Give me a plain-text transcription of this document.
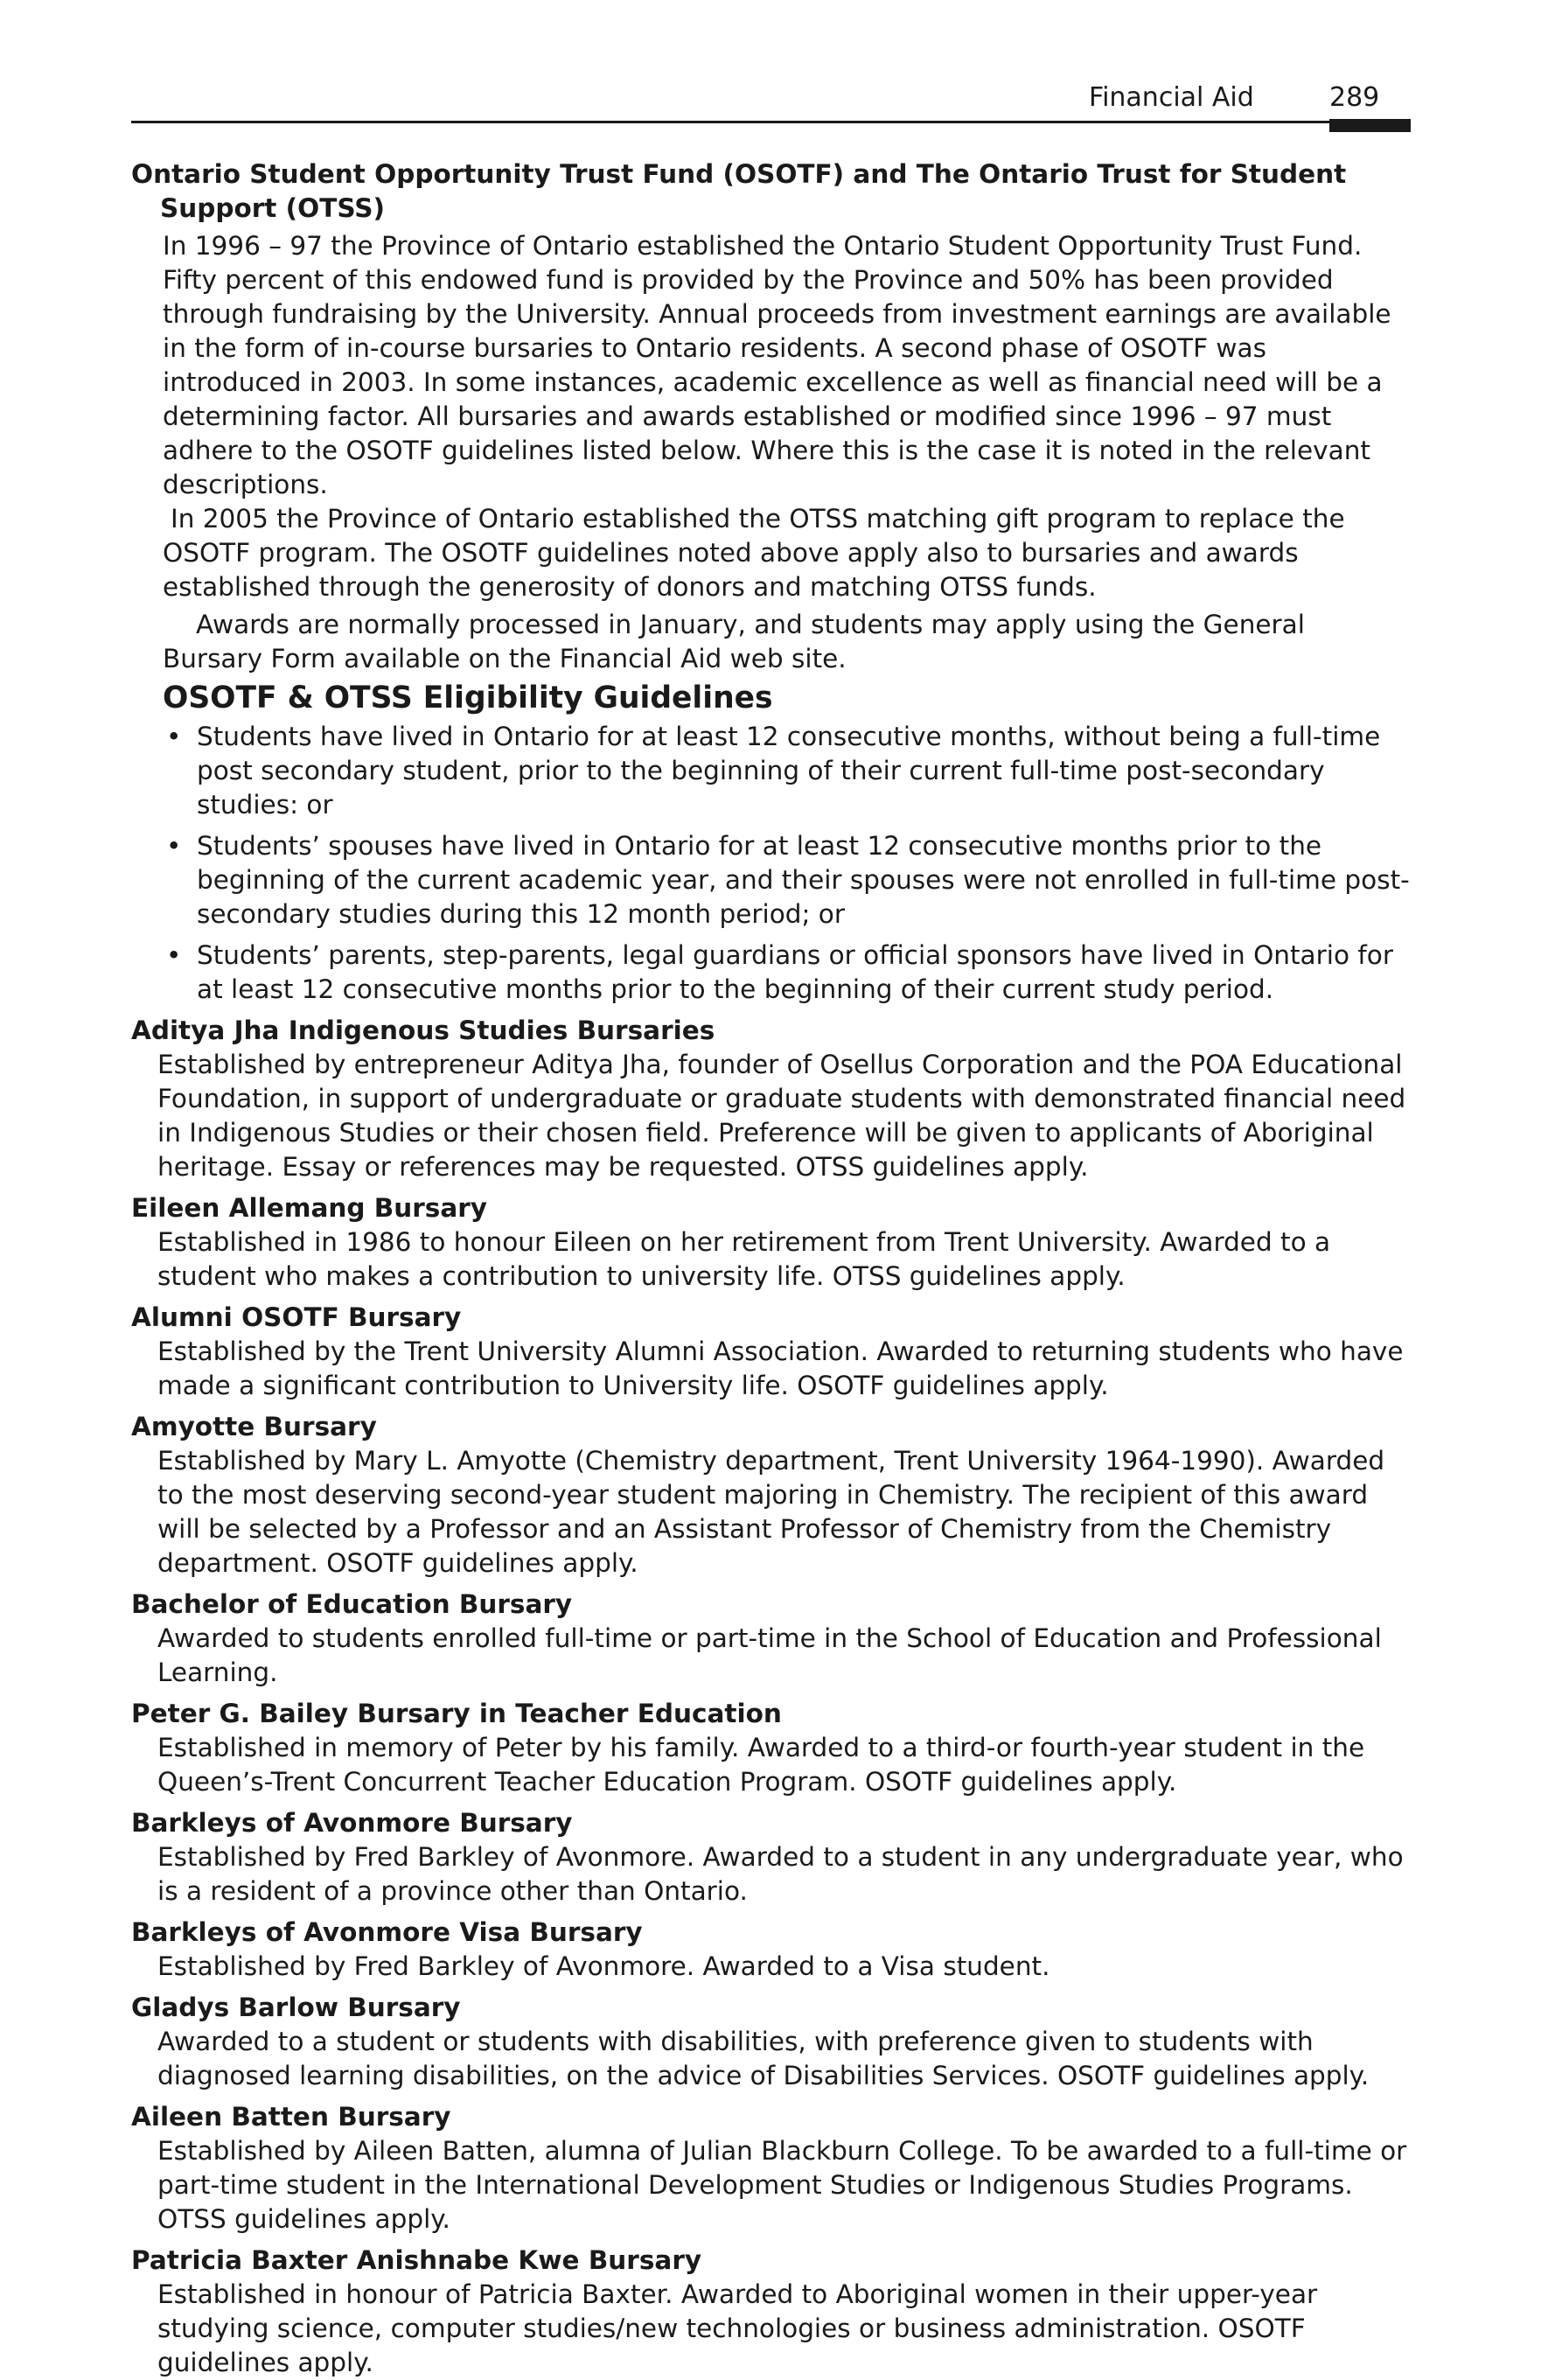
Financial Aid	289
Ontario Student Opportunity Trust Fund (OSOTF) and The Ontario Trust for Student Support (OTSS)

In 1996 – 97 the Province of Ontario established the Ontario Student Opportunity Trust Fund. Fifty percent of this endowed fund is provided by the Province and 50% has been provided through fundraising by the University. Annual proceeds from investment earnings are available in the form of in-course bursaries to Ontario residents. A second phase of OSOTF was introduced in 2003. In some instances, academic excellence as well as financial need will be a determining factor. All bursaries and awards established or modified since 1996 – 97 must adhere to the OSOTF guidelines listed below. Where this is the case it is noted in the relevant descriptions.

In 2005 the Province of Ontario established the OTSS matching gift program to replace the OSOTF program. The OSOTF guidelines noted above apply also to bursaries and awards established through the generosity of donors and matching OTSS funds.

Awards are normally processed in January, and students may apply using the General Bursary Form available on the Financial Aid web site.

OSOTF & OTSS Eligibility Guidelines
• Students have lived in Ontario for at least 12 consecutive months, without being a full-time post secondary student, prior to the beginning of their current full-time post-secondary studies: or
• Students’ spouses have lived in Ontario for at least 12 consecutive months prior to the beginning of the current academic year, and their spouses were not enrolled in full-time post-secondary studies during this 12 month period; or
• Students’ parents, step-parents, legal guardians or official sponsors have lived in Ontario for at least 12 consecutive months prior to the beginning of their current study period.

Aditya Jha Indigenous Studies Bursaries

Established by entrepreneur Aditya Jha, founder of Osellus Corporation and the POA Educational Foundation, in support of undergraduate or graduate students with demonstrated financial need in Indigenous Studies or their chosen field. Preference will be given to applicants of Aboriginal heritage. Essay or references may be requested. OTSS guidelines apply.

Eileen Allemang Bursary

Established in 1986 to honour Eileen on her retirement from Trent University. Awarded to a student who makes a contribution to university life. OTSS guidelines apply.

Alumni OSOTF Bursary

Established by the Trent University Alumni Association. Awarded to returning students who have made a significant contribution to University life. OSOTF guidelines apply.

Amyotte Bursary

Established by Mary L. Amyotte (Chemistry department, Trent University 1964-1990). Awarded to the most deserving second-year student majoring in Chemistry. The recipient of this award will be selected by a Professor and an Assistant Professor of Chemistry from the Chemistry department. OSOTF guidelines apply.

Bachelor of Education Bursary

Awarded to students enrolled full-time or part-time in the School of Education and Professional Learning.

Peter G. Bailey Bursary in Teacher Education

Established in memory of Peter by his family. Awarded to a third-or fourth-year student in the Queen’s-Trent Concurrent Teacher Education Program. OSOTF guidelines apply.

Barkleys of Avonmore Bursary

Established by Fred Barkley of Avonmore. Awarded to a student in any undergraduate year, who is a resident of a province other than Ontario.

Barkleys of Avonmore Visa Bursary

Established by Fred Barkley of Avonmore. Awarded to a Visa student.

Gladys Barlow Bursary

Awarded to a student or students with disabilities, with preference given to students with diagnosed learning disabilities, on the advice of Disabilities Services. OSOTF guidelines apply.

Aileen Batten Bursary

Established by Aileen Batten, alumna of Julian Blackburn College. To be awarded to a full-time or part-time student in the International Development Studies or Indigenous Studies Programs. OTSS guidelines apply.

Patricia Baxter Anishnabe Kwe Bursary

Established in honour of Patricia Baxter. Awarded to Aboriginal women in their upper-year studying science, computer studies/new technologies or business administration. OSOTF guidelines apply.
